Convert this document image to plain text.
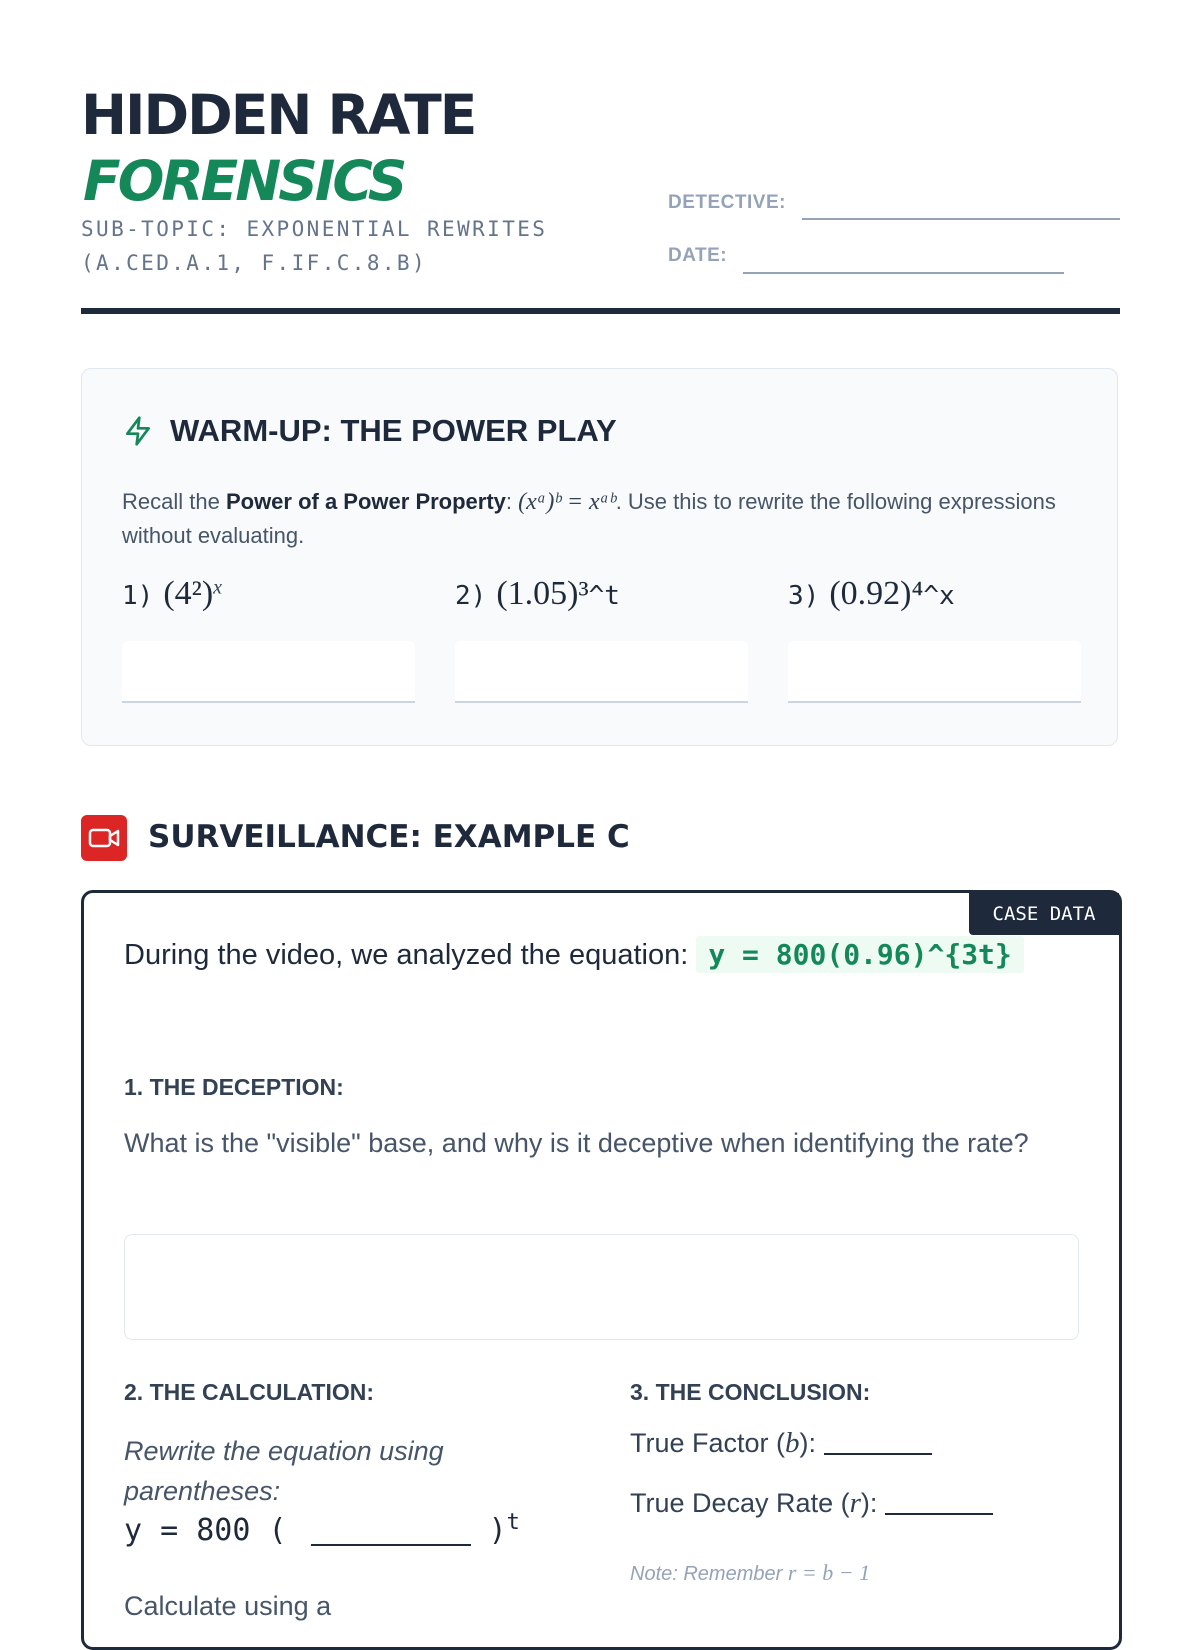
HIDDEN RATE
FORENSICS
SUB-TOPIC: EXPONENTIAL REWRITES
(A.CED.A.1, F.IF.C.8.B)
DETECTIVE:
DATE:
WARM-UP: THE POWER PLAY
Recall the Power of a Power Property: (xᵃ)ᵇ = xᵃᵇ. Use this to rewrite the following expressions without evaluating.
1) $(4^2)^x$	2) (1.05)³^t	3) (0.92)⁴^x
SURVEILLANCE: EXAMPLE C
CASE DATA
During the video, we analyzed the equation: y = 800(0.96)^{3t}
1. THE DECEPTION:
What is the "visible" base, and why is it deceptive when identifying the rate?
2. THE CALCULATION:
Rewrite the equation using parentheses:
y = 800 (	)$^t$
3. THE CONCLUSION:
True Factor (b):
True Decay Rate (r):
Note: Remember r = b − 1
Calculate using a
